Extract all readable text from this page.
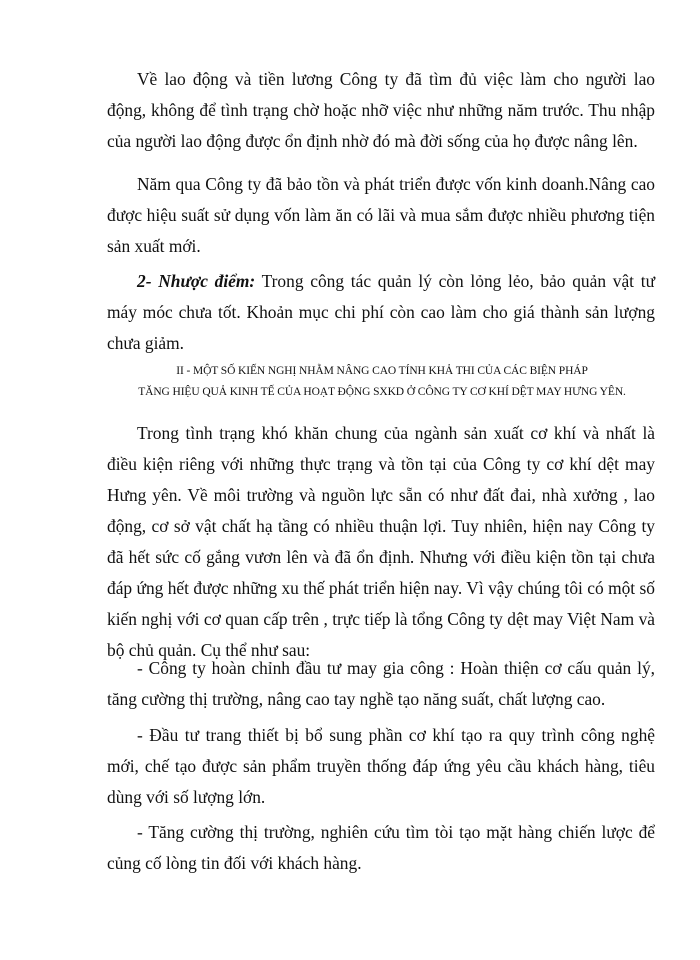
Về lao động và tiền lương Công ty đã tìm đủ việc làm cho người lao động, không để tình trạng chờ hoặc nhỡ việc như những năm trước. Thu nhập của người lao động được ổn định nhờ đó mà đời sống của họ được nâng lên.

Năm qua Công ty đã bảo tồn và phát triển được vốn kinh doanh.Nâng cao được hiệu suất sử dụng vốn làm ăn có lãi và mua sắm được nhiều phương tiện sản xuất mới.

2- Nhược điểm: Trong công tác quản lý còn lỏng lẻo, bảo quản vật tư máy móc chưa tốt. Khoản mục chi phí còn cao làm cho giá thành sản lượng chưa giảm.

II - MỘT SỐ KIẾN NGHỊ NHẰM NÂNG CAO TÍNH KHẢ THI CỦA CÁC BIỆN PHÁP

TĂNG HIỆU QUẢ KINH TẾ CỦA HOẠT ĐỘNG SXKD Ở CÔNG TY CƠ KHÍ DỆT MAY HƯNG YÊN.

Trong tình trạng khó khăn chung của ngành sản xuất cơ khí và nhất là điều kiện riêng với những thực trạng và tồn tại của Công ty cơ khí dệt may Hưng yên. Về môi trường và nguồn lực sẵn có như đất đai, nhà xưởng , lao động, cơ sở vật chất hạ tầng có nhiều thuận lợi. Tuy nhiên, hiện nay Công ty đã hết sức cố gắng vươn lên và đã ổn định. Nhưng với điều kiện tồn tại chưa đáp ứng hết được những xu thế phát triển hiện nay. Vì vậy chúng tôi có một số kiến nghị với cơ quan cấp trên , trực tiếp là tổng Công ty dệt may Việt Nam và bộ chủ quản. Cụ thể như sau:

- Công ty hoàn chỉnh đầu tư may gia công : Hoàn thiện cơ cấu quản lý, tăng cường thị trường, nâng cao tay nghề tạo năng suất, chất lượng cao.

- Đầu tư trang thiết bị bổ sung phần cơ khí tạo ra quy trình công nghệ mới, chế tạo được sản phẩm truyền thống đáp ứng yêu cầu khách hàng, tiêu dùng với số lượng lớn.

- Tăng cường thị trường, nghiên cứu tìm tòi tạo mặt hàng chiến lược để củng cố lòng tin đối với khách hàng.
